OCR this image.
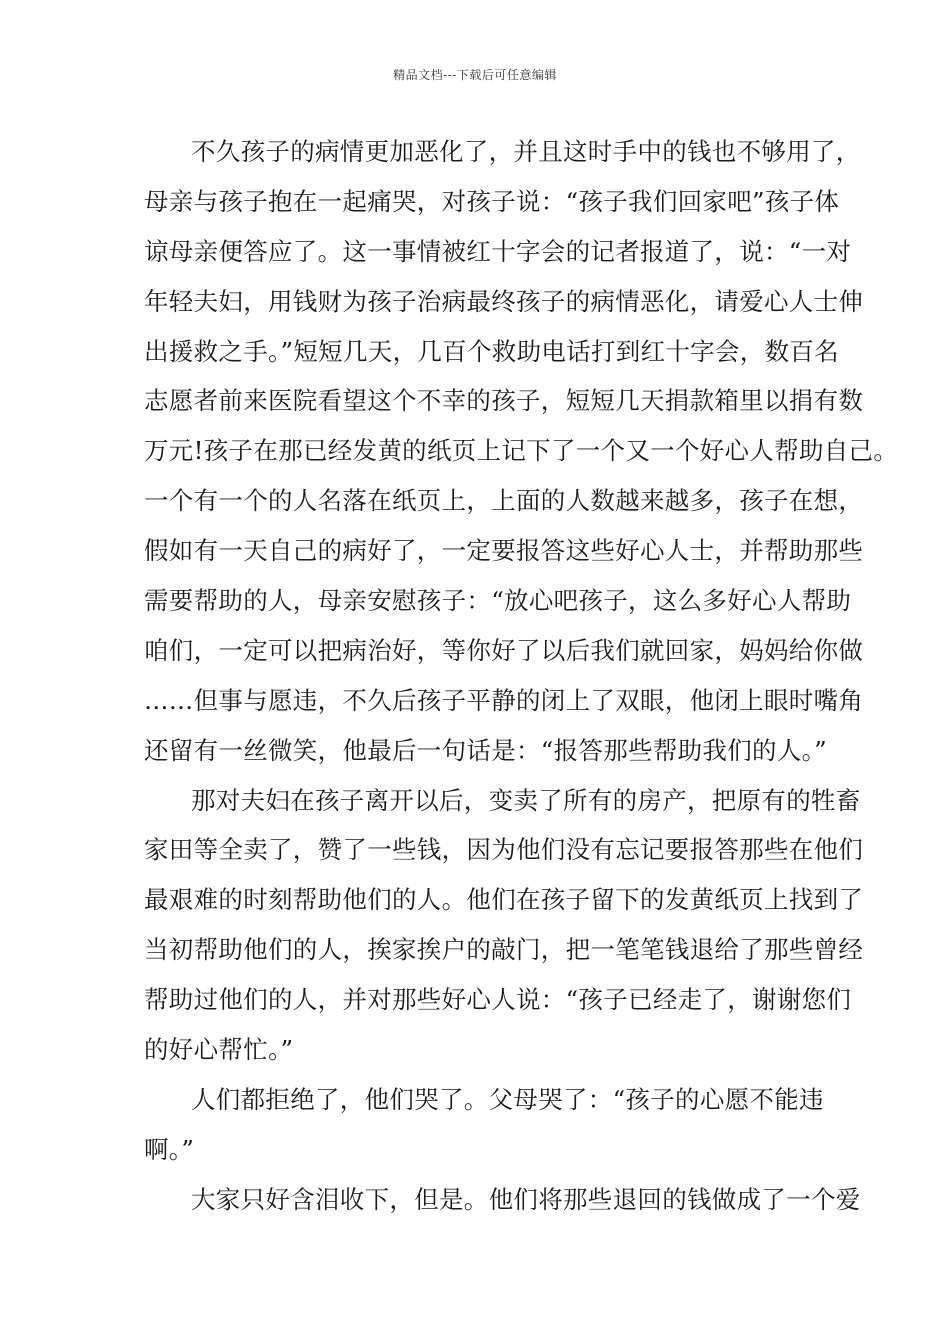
精品文档---下载后可任意编辑
不久孩子的病情更加恶化了，并且这时手中的钱也不够用了，
母亲与孩子抱在一起痛哭，对孩子说：“孩子我们回家吧”孩子体
谅母亲便答应了。这一事情被红十字会的记者报道了，说：“一对
年轻夫妇，用钱财为孩子治病最终孩子的病情恶化，请爱心人士伸
出援救之手。”短短几天，几百个救助电话打到红十字会，数百名
志愿者前来医院看望这个不幸的孩子，短短几天捐款箱里以捐有数
万元!孩子在那已经发黄的纸页上记下了一个又一个好心人帮助自己。
一个有一个的人名落在纸页上，上面的人数越来越多，孩子在想，
假如有一天自己的病好了，一定要报答这些好心人士，并帮助那些
需要帮助的人，母亲安慰孩子：“放心吧孩子，这么多好心人帮助
咱们，一定可以把病治好，等你好了以后我们就回家，妈妈给你做
……但事与愿违，不久后孩子平静的闭上了双眼，他闭上眼时嘴角
还留有一丝微笑，他最后一句话是：“报答那些帮助我们的人。”
那对夫妇在孩子离开以后，变卖了所有的房产，把原有的牲畜
家田等全卖了，赞了一些钱，因为他们没有忘记要报答那些在他们
最艰难的时刻帮助他们的人。他们在孩子留下的发黄纸页上找到了
当初帮助他们的人，挨家挨户的敲门，把一笔笔钱退给了那些曾经
帮助过他们的人，并对那些好心人说：“孩子已经走了，谢谢您们
的好心帮忙。”
人们都拒绝了，他们哭了。父母哭了：“孩子的心愿不能违
啊。”
大家只好含泪收下，但是。他们将那些退回的钱做成了一个爱
